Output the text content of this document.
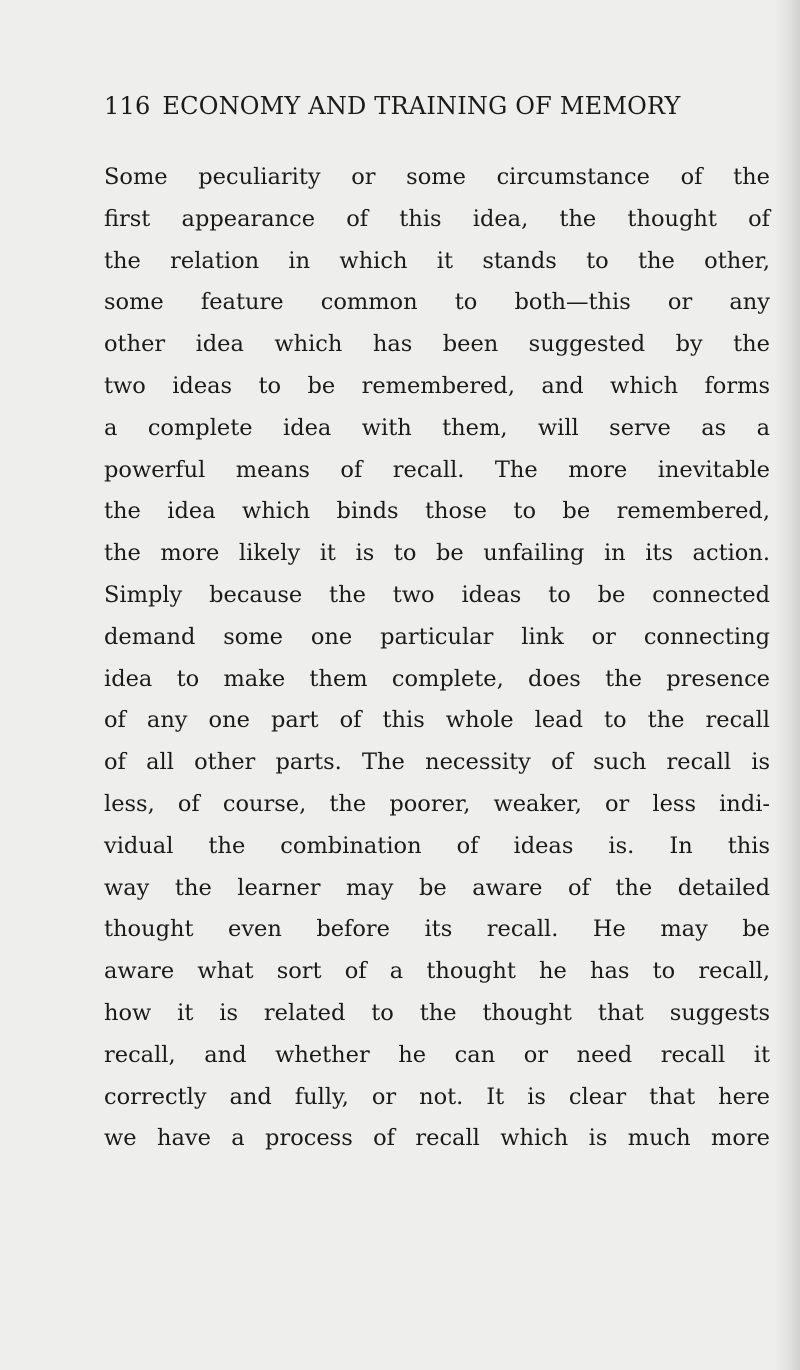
116 ECONOMY AND TRAINING OF MEMORY
Some peculiarity or some circumstance of the
first appearance of this idea, the thought of
the relation in which it stands to the other,
some feature common to both—this or any
other idea which has been suggested by the
two ideas to be remembered, and which forms
a complete idea with them, will serve as a
powerful means of recall. The more inevitable
the idea which binds those to be remembered,
the more likely it is to be unfailing in its action.
Simply because the two ideas to be connected
demand some one particular link or connecting
idea to make them complete, does the presence
of any one part of this whole lead to the recall
of all other parts. The necessity of such recall is
less, of course, the poorer, weaker, or less indi-
vidual the combination of ideas is. In this
way the learner may be aware of the detailed
thought even before its recall. He may be
aware what sort of a thought he has to recall,
how it is related to the thought that suggests
recall, and whether he can or need recall it
correctly and fully, or not. It is clear that here
we have a process of recall which is much more
